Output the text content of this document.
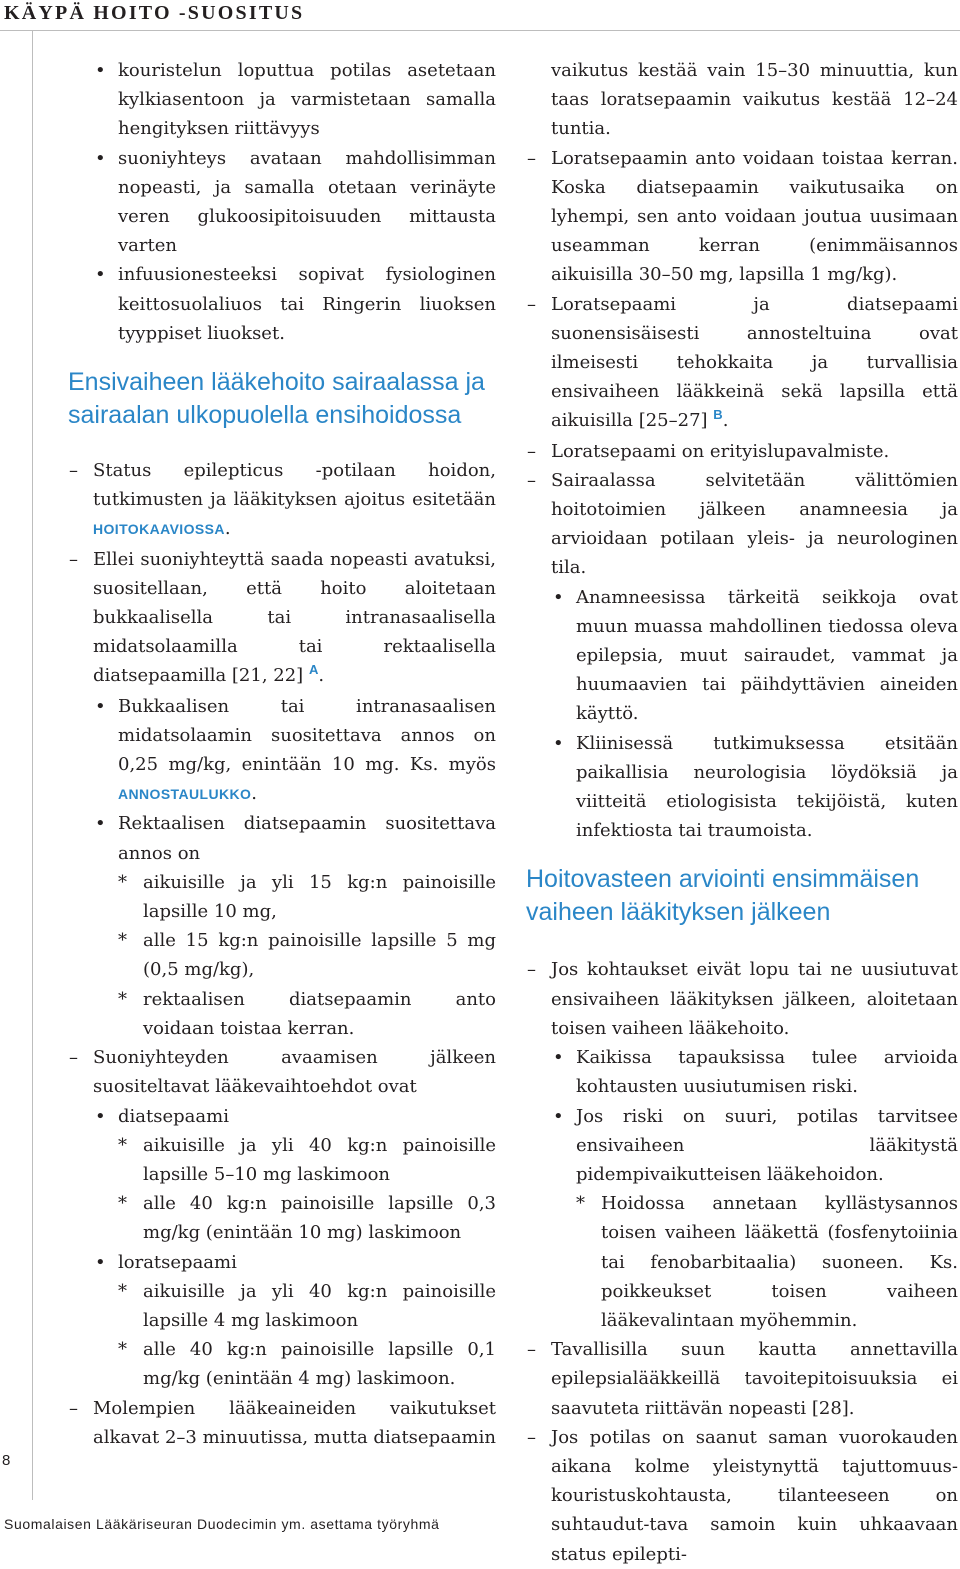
KÄYPÄ HOITO -SUOSITUS
8
Suomalaisen Lääkäriseuran Duodecimin ym. asettama työryhmä
• kouristelun loputtua potilas asetetaan kylkiasentoon ja varmistetaan samalla hengityksen riittävyys
• suoniyhteys avataan mahdollisimman nopeasti, ja samalla otetaan verinäyte veren glukoosipitoisuuden mittausta varten
• infuusionesteeksi sopivat fysiologinen keittosuolaliuos tai Ringerin liuoksen tyyppiset liuokset.
Ensivaiheen lääkehoito sairaalassa ja sairaalan ulkopuolella ensihoidossa
– Status epilepticus -potilaan hoidon, tutkimusten ja lääkityksen ajoitus esitetään HOITOKAAVIOSSA.
– Ellei suoniyhteyttä saada nopeasti avatuksi, suositellaan, että hoito aloitetaan bukkaalisella tai intranasaalisella midatsolaamilla tai rektaalisella diatsepaamilla [21, 22] $^A$.
• Bukkaalisen tai intranasaalisen midatsolaamin suositettava annos on 0,25 mg/kg, enintään 10 mg. Ks. myös ANNOSTAULUKKO.
• Rektaalisen diatsepaamin suositettava annos on
* aikuisille ja yli 15 kg:n painoisille lapsille 10 mg,
* alle 15 kg:n painoisille lapsille 5 mg (0,5 mg/kg),
* rektaalisen diatsepaamin anto voidaan toistaa kerran.
– Suoniyhteyden avaamisen jälkeen suositeltavat lääkevaihtoehdot ovat
• diatsepaami
* aikuisille ja yli 40 kg:n painoisille lapsille 5–10 mg laskimoon
* alle 40 kg:n painoisille lapsille 0,3 mg/kg (enintään 10 mg) laskimoon
• loratsepaami
* aikuisille ja yli 40 kg:n painoisille lapsille 4 mg laskimoon
* alle 40 kg:n painoisille lapsille 0,1 mg/kg (enintään 4 mg) laskimoon.
– Molempien lääkeaineiden vaikutukset alkavat 2–3 minuutissa, mutta diatsepaamin
vaikutus kestää vain 15–30 minuuttia, kun taas loratsepaamin vaikutus kestää 12–24 tuntia.
– Loratsepaamin anto voidaan toistaa kerran. Koska diatsepaamin vaikutusaika on lyhempi, sen anto voidaan joutua uusimaan useamman kerran (enimmäisannos aikuisilla 30–50 mg, lapsilla 1 mg/kg).
– Loratsepaami ja diatsepaami suonensisäisesti annosteltuina ovat ilmeisesti tehokkaita ja turvallisia ensivaiheen lääkkeinä sekä lapsilla että aikuisilla [25–27] $^B$.
– Loratsepaami on erityislupavalmiste.
– Sairaalassa selvitetään välittömien hoitotoimien jälkeen anamneesia ja arvioidaan potilaan yleis- ja neurologinen tila.
• Anamneesissa tärkeitä seikkoja ovat muun muassa mahdollinen tiedossa oleva epilepsia, muut sairaudet, vammat ja huumaavien tai päihdyttävien aineiden käyttö.
• Kliinisessä tutkimuksessa etsitään paikallisia neurologisia löydöksiä ja viitteitä etiologisista tekijöistä, kuten infektiosta tai traumoista.
Hoitovasteen arviointi ensimmäisen vaiheen lääkityksen jälkeen
– Jos kohtaukset eivät lopu tai ne uusiutuvat ensivaiheen lääkityksen jälkeen, aloitetaan toisen vaiheen lääkehoito.
• Kaikissa tapauksissa tulee arvioida kohtausten uusiutumisen riski.
• Jos riski on suuri, potilas tarvitsee ensivaiheen lääkitystä pidempivaikutteisen lääkehoidon.
* Hoidossa annetaan kyllästysannos toisen vaiheen lääkettä (fosfenytoiinia tai fenobarbitaalia) suoneen. Ks. poikkeukset toisen vaiheen lääkevalintaan myöhemmin.
– Tavallisilla suun kautta annettavilla epilepsialääkkeillä tavoitepitoisuuksia ei saavuteta riittävän nopeasti [28].
– Jos potilas on saanut saman vuorokauden aikana kolme yleistynyttä tajuttomuus-kouristuskohtausta, tilanteeseen on suhtaudut-tava samoin kuin uhkaavaan status epilepti-
